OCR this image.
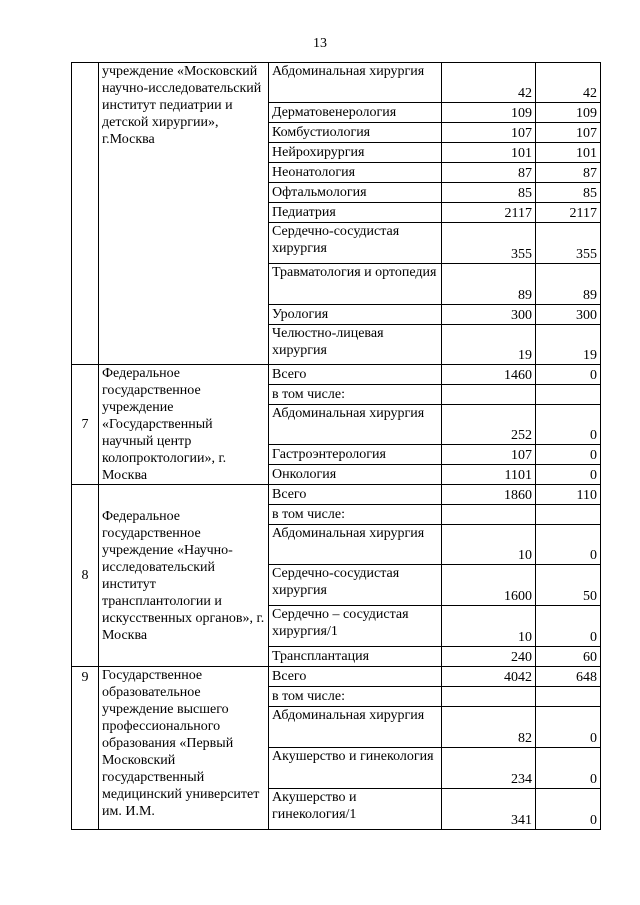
13
	учреждение «Московский научно-исследовательский институт педиатрии и детской хирургии», г.Москва	Абдоминальная хирургия	42	42
		Дерматовенерология	109	109
		Комбустиология	107	107
		Нейрохирургия	101	101
		Неонатология	87	87
		Офтальмология	85	85
		Педиатрия	2117	2117
		Сердечно-сосудистая хирургия	355	355
		Травматология и ортопедия	89	89
		Урология	300	300
		Челюстно-лицевая хирургия	19	19
7	Федеральное государственное учреждение «Государственный научный центр колопроктологии», г. Москва	Всего	1460	0
		в том числе:		
		Абдоминальная хирургия	252	0
		Гастроэнтерология	107	0
		Онкология	1101	0
8	Федеральное государственное учреждение «Научно-исследовательский институт трансплантологии и искусственных органов», г. Москва	Всего	1860	110
		в том числе:		
		Абдоминальная хирургия	10	0
		Сердечно-сосудистая хирургия	1600	50
		Сердечно – сосудистая хирургия/1	10	0
		Трансплантация	240	60
9	Государственное образовательное учреждение высшего профессионального образования «Первый Московский государственный медицинский университет им. И.М.	Всего	4042	648
		в том числе:		
		Абдоминальная хирургия	82	0
		Акушерство и гинекология	234	0
		Акушерство и гинекология/1	341	0
